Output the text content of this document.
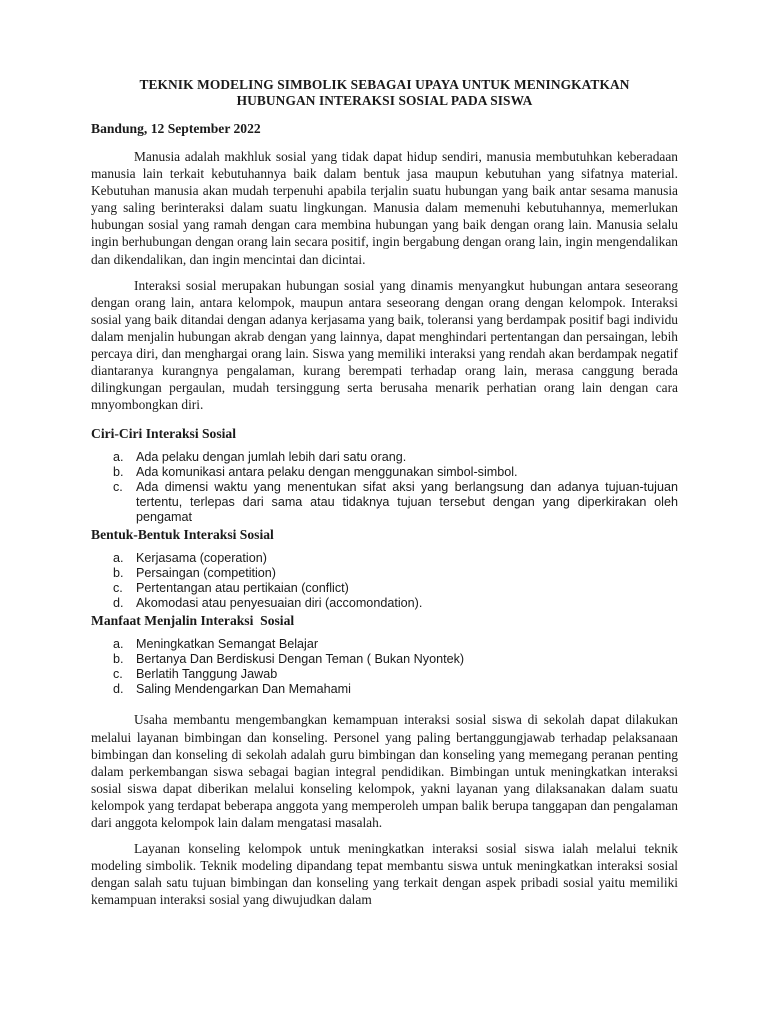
TEKNIK MODELING SIMBOLIK SEBAGAI UPAYA UNTUK MENINGKATKAN
HUBUNGAN INTERAKSI SOSIAL PADA SISWA
Bandung, 12 September 2022

Manusia adalah makhluk sosial yang tidak dapat hidup sendiri, manusia membutuhkan keberadaan manusia lain terkait kebutuhannya baik dalam bentuk jasa maupun kebutuhan yang sifatnya material. Kebutuhan manusia akan mudah terpenuhi apabila terjalin suatu hubungan yang baik antar sesama manusia yang saling berinteraksi dalam suatu lingkungan. Manusia dalam memenuhi kebutuhannya, memerlukan hubungan sosial yang ramah dengan cara membina hubungan yang baik dengan orang lain. Manusia selalu ingin berhubungan dengan orang lain secara positif, ingin bergabung dengan orang lain, ingin mengendalikan dan dikendalikan, dan ingin mencintai dan dicintai.

Interaksi sosial merupakan hubungan sosial yang dinamis menyangkut hubungan antara seseorang dengan orang lain, antara kelompok, maupun antara seseorang dengan orang dengan kelompok. Interaksi sosial yang baik ditandai dengan adanya kerjasama yang baik, toleransi yang berdampak positif bagi individu dalam menjalin hubungan akrab dengan yang lainnya, dapat menghindari pertentangan dan persaingan, lebih percaya diri, dan menghargai orang lain. Siswa yang memiliki interaksi yang rendah akan berdampak negatif diantaranya kurangnya pengalaman, kurang berempati terhadap orang lain, merasa canggung berada dilingkungan pergaulan, mudah tersinggung serta berusaha menarik perhatian orang lain dengan cara mnyombongkan diri.

Ciri-Ciri Interaksi Sosial
a. Ada pelaku dengan jumlah lebih dari satu orang.
b. Ada komunikasi antara pelaku dengan menggunakan simbol-simbol.
c. Ada dimensi waktu yang menentukan sifat aksi yang berlangsung dan adanya tujuan-tujuan tertentu, terlepas dari sama atau tidaknya tujuan tersebut dengan yang diperkirakan oleh pengamat
Bentuk-Bentuk Interaksi Sosial
a. Kerjasama (coperation)
b. Persaingan (competition)
c. Pertentangan atau pertikaian (conflict)
d. Akomodasi atau penyesuaian diri (accomondation).
Manfaat Menjalin Interaksi  Sosial
a. Meningkatkan Semangat Belajar
b. Bertanya Dan Berdiskusi Dengan Teman ( Bukan Nyontek)
c. Berlatih Tanggung Jawab
d. Saling Mendengarkan Dan Memahami

Usaha membantu mengembangkan kemampuan interaksi sosial siswa di sekolah dapat dilakukan melalui layanan bimbingan dan konseling. Personel yang paling bertanggungjawab terhadap pelaksanaan bimbingan dan konseling di sekolah adalah guru bimbingan dan konseling yang memegang peranan penting dalam perkembangan siswa sebagai bagian integral pendidikan. Bimbingan untuk meningkatkan interaksi sosial siswa dapat diberikan melalui konseling kelompok, yakni layanan yang dilaksanakan dalam suatu kelompok yang terdapat beberapa anggota yang memperoleh umpan balik berupa tanggapan dan pengalaman dari anggota kelompok lain dalam mengatasi masalah.

Layanan konseling kelompok untuk meningkatkan interaksi sosial siswa ialah melalui teknik modeling simbolik. Teknik modeling dipandang tepat membantu siswa untuk meningkatkan interaksi sosial dengan salah satu tujuan bimbingan dan konseling yang terkait dengan aspek pribadi sosial yaitu memiliki kemampuan interaksi sosial yang diwujudkan dalam
